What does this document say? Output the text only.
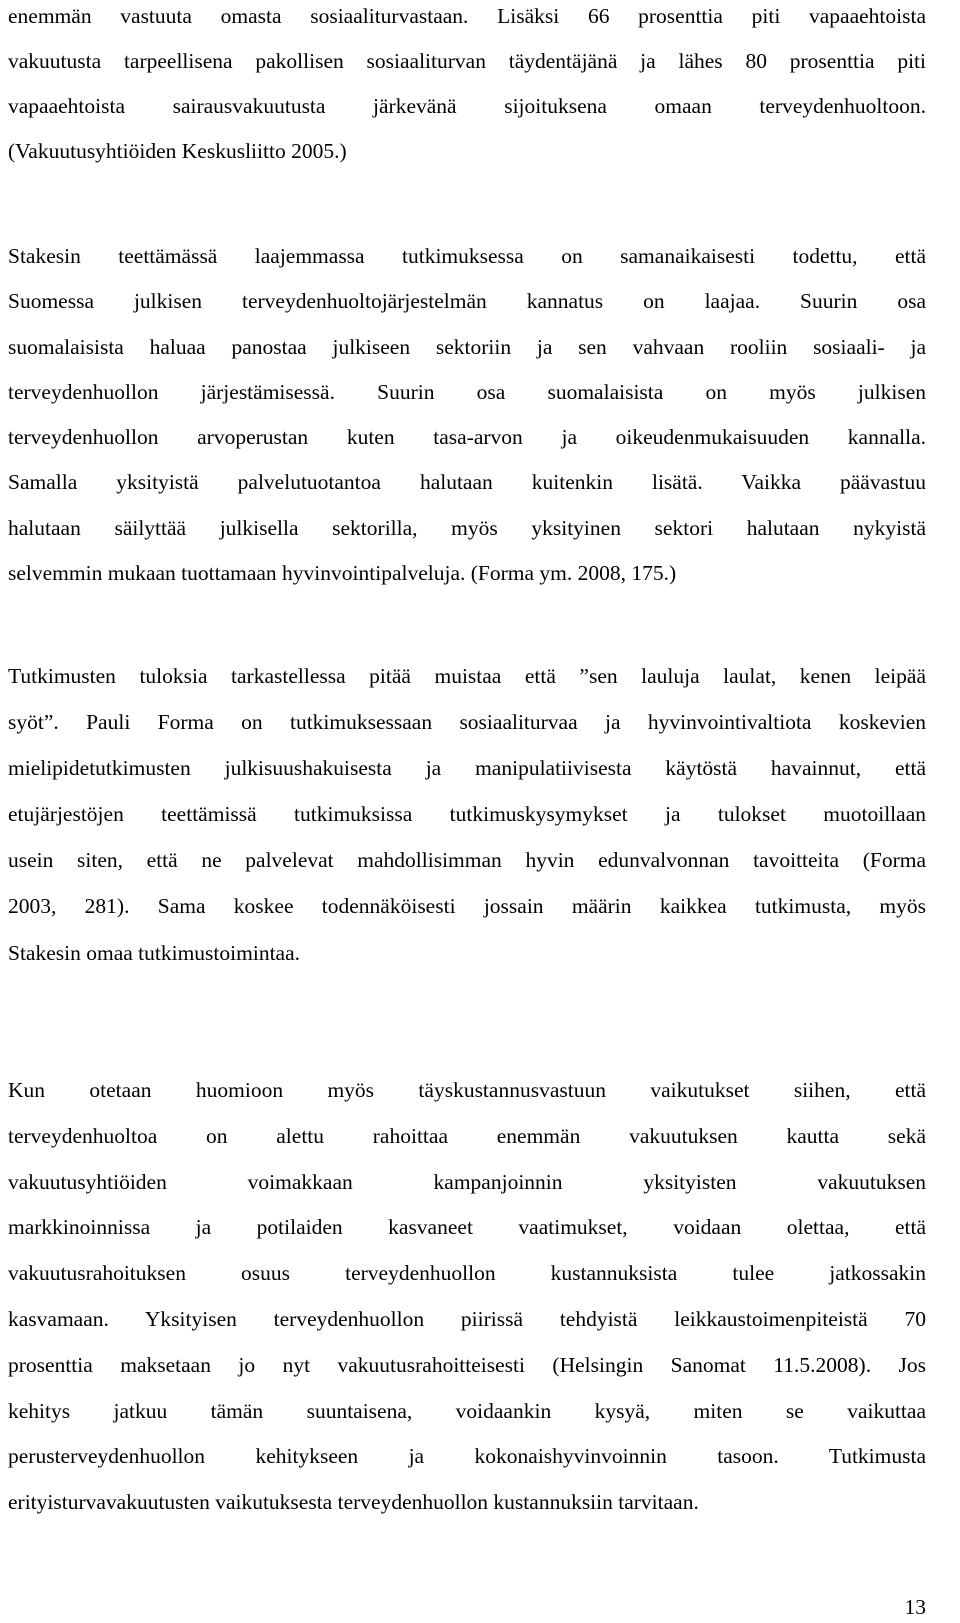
enemmän vastuuta omasta sosiaaliturvastaan. Lisäksi 66 prosenttia piti vapaaehtoista
vakuutusta tarpeellisena pakollisen sosiaaliturvan täydentäjänä ja lähes 80 prosenttia piti
vapaaehtoista sairausvakuutusta järkevänä sijoituksena omaan terveydenhuoltoon.
(Vakuutusyhtiöiden Keskusliitto 2005.)

Stakesin teettämässä laajemmassa tutkimuksessa on samanaikaisesti todettu, että
Suomessa julkisen terveydenhuoltojärjestelmän kannatus on laajaa. Suurin osa
suomalaisista haluaa panostaa julkiseen sektoriin ja sen vahvaan rooliin sosiaali- ja
terveydenhuollon järjestämisessä. Suurin osa suomalaisista on myös julkisen
terveydenhuollon arvoperustan kuten tasa-arvon ja oikeudenmukaisuuden kannalla.
Samalla yksityistä palvelutuotantoa halutaan kuitenkin lisätä. Vaikka päävastuu
halutaan säilyttää julkisella sektorilla, myös yksityinen sektori halutaan nykyistä
selvemmin mukaan tuottamaan hyvinvointipalveluja. (Forma ym. 2008, 175.)

Tutkimusten tuloksia tarkastellessa pitää muistaa että ”sen lauluja laulat, kenen leipää
syöt”. Pauli Forma on tutkimuksessaan sosiaaliturvaa ja hyvinvointivaltiota koskevien
mielipidetutkimusten julkisuushakuisesta ja manipulatiivisesta käytöstä havainnut, että
etujärjestöjen teettämissä tutkimuksissa tutkimuskysymykset ja tulokset muotoillaan
usein siten, että ne palvelevat mahdollisimman hyvin edunvalvonnan tavoitteita (Forma
2003, 281). Sama koskee todennäköisesti jossain määrin kaikkea tutkimusta, myös
Stakesin omaa tutkimustoimintaa.

Kun otetaan huomioon myös täyskustannusvastuun vaikutukset siihen, että
terveydenhuoltoa on alettu rahoittaa enemmän vakuutuksen kautta sekä
vakuutusyhtiöiden voimakkaan kampanjoinnin yksityisten vakuutuksen
markkinoinnissa ja potilaiden kasvaneet vaatimukset, voidaan olettaa, että
vakuutusrahoituksen osuus terveydenhuollon kustannuksista tulee jatkossakin
kasvamaan. Yksityisen terveydenhuollon piirissä tehdyistä leikkaustoimenpiteistä 70
prosenttia maksetaan jo nyt vakuutusrahoitteisesti (Helsingin Sanomat 11.5.2008). Jos
kehitys jatkuu tämän suuntaisena, voidaankin kysyä, miten se vaikuttaa
perusterveydenhuollon kehitykseen ja kokonaishyvinvoinnin tasoon. Tutkimusta
erityisturvavakuutusten vaikutuksesta terveydenhuollon kustannuksiin tarvitaan.

13
